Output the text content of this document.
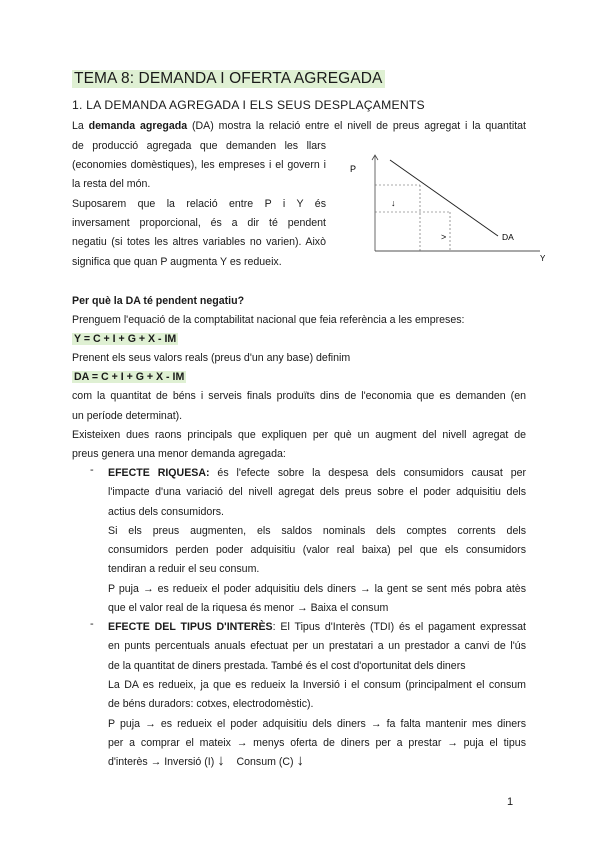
TEMA 8: DEMANDA I OFERTA AGREGADA
1. LA DEMANDA AGREGADA I ELS SEUS DESPLAÇAMENTS
La demanda agregada (DA) mostra la relació entre el nivell de preus agregat i la quantitat
de producció agregada que demanden les llars
(economies domèstiques), les empreses i el govern i
la resta del món.
Suposarem que la relació entre P i Y és
inversament proporcional, és a dir té pendent
negatiu (si totes les altres variables no varien). Això
significa que quan P augmenta Y es redueix.
P
Y
DA
↓
>
Per què la DA té pendent negatiu?
Prenguem l'equació de la comptabilitat nacional que feia referència a les empreses:
Y = C + I + G + X - IM
Prenent els seus valors reals (preus d'un any base) definim
DA = C + I + G + X - IM
com la quantitat de béns i serveis finals produïts dins de l'economia que es demanden (en
un període determinat).
Existeixen dues raons principals que expliquen per què un augment del nivell agregat de
preus genera una menor demanda agregada:
- EFECTE RIQUESA: és l'efecte sobre la despesa dels consumidors causat per
l'impacte d'una variació del nivell agregat dels preus sobre el poder adquisitiu dels
actius dels consumidors.
Si els preus augmenten, els saldos nominals dels comptes corrents dels
consumidors perden poder adquisitiu (valor real baixa) pel que els consumidors
tendiran a reduir el seu consum.
P puja → es redueix el poder adquisitiu dels diners → la gent se sent més pobra atès
que el valor real de la riquesa és menor → Baixa el consum
- EFECTE DEL TIPUS D'INTERÈS: El Tipus d'Interès (TDI) és el pagament expressat
en punts percentuals anuals efectuat per un prestatari a un prestador a canvi de l'ús
de la quantitat de diners prestada. També és el cost d'oportunitat dels diners
La DA es redueix, ja que es redueix la Inversió i el consum (principalment el consum
de béns duradors: cotxes, electrodomèstic).
P puja → es redueix el poder adquisitiu dels diners → fa falta mantenir mes diners
per a comprar el mateix → menys oferta de diners per a prestar → puja el tipus
d'interès → Inversió (I) ↓ Consum (C) ↓
1
